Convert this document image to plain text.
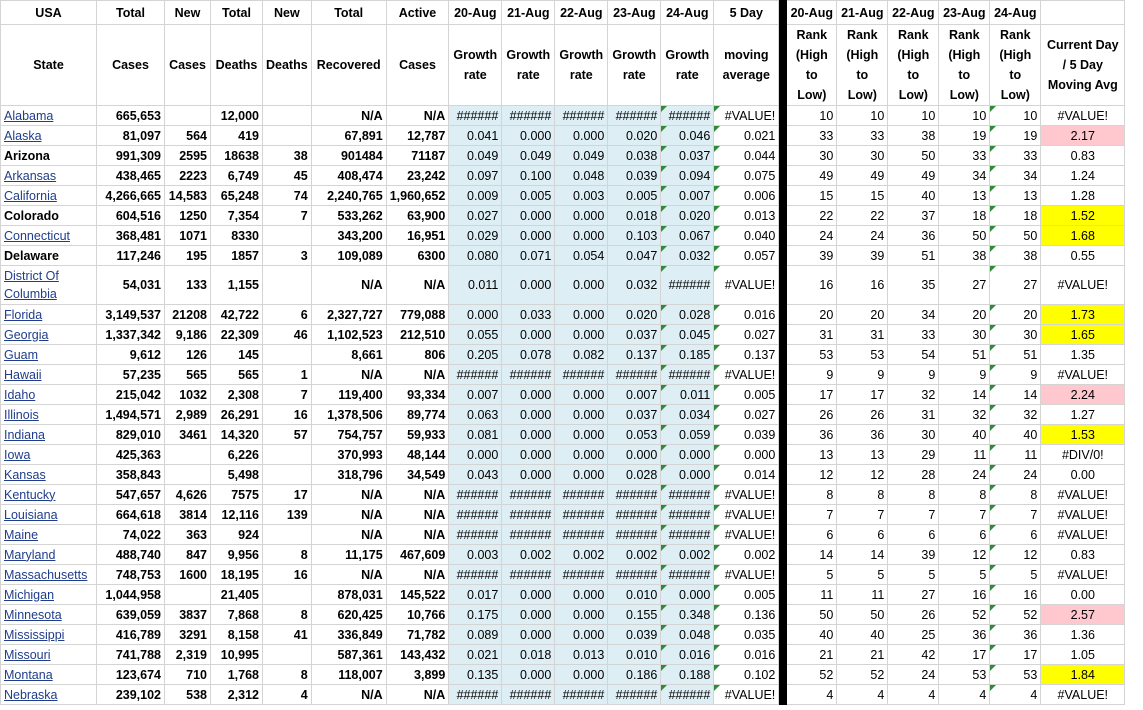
USA	Total	New	Total	New	Total	Active	20-Aug	21-Aug	22-Aug	23-Aug	24-Aug	5 Day		20-Aug	21-Aug	22-Aug	23-Aug	24-Aug	
State	Cases	Cases	Deaths	Deaths	Recovered	Cases	Growth rate	Growth rate	Growth rate	Growth rate	Growth rate	moving average		Rank (High to Low)	Rank (High to Low)	Rank (High to Low)	Rank (High to Low)	Rank (High to Low)	Current Day / 5 Day Moving Avg
Alabama	665,653		12,000		N/A	N/A	######	######	######	######	######	#VALUE!		10	10	10	10	10	#VALUE!
Alaska	81,097	564	419		67,891	12,787	0.041	0.000	0.000	0.020	0.046	0.021		33	33	38	19	19	2.17
Arizona	991,309	2595	18638	38	901484	71187	0.049	0.049	0.049	0.038	0.037	0.044		30	30	50	33	33	0.83
Arkansas	438,465	2223	6,749	45	408,474	23,242	0.097	0.100	0.048	0.039	0.094	0.075		49	49	49	34	34	1.24
California	4,266,665	14,583	65,248	74	2,240,765	1,960,652	0.009	0.005	0.003	0.005	0.007	0.006		15	15	40	13	13	1.28
Colorado	604,516	1250	7,354	7	533,262	63,900	0.027	0.000	0.000	0.018	0.020	0.013		22	22	37	18	18	1.52
Connecticut	368,481	1071	8330		343,200	16,951	0.029	0.000	0.000	0.103	0.067	0.040		24	24	36	50	50	1.68
Delaware	117,246	195	1857	3	109,089	6300	0.080	0.071	0.054	0.047	0.032	0.057		39	39	51	38	38	0.55
District Of Columbia	54,031	133	1,155		N/A	N/A	0.011	0.000	0.000	0.032	######	#VALUE!		16	16	35	27	27	#VALUE!
Florida	3,149,537	21208	42,722	6	2,327,727	779,088	0.000	0.033	0.000	0.020	0.028	0.016		20	20	34	20	20	1.73
Georgia	1,337,342	9,186	22,309	46	1,102,523	212,510	0.055	0.000	0.000	0.037	0.045	0.027		31	31	33	30	30	1.65
Guam	9,612	126	145		8,661	806	0.205	0.078	0.082	0.137	0.185	0.137		53	53	54	51	51	1.35
Hawaii	57,235	565	565	1	N/A	N/A	######	######	######	######	######	#VALUE!		9	9	9	9	9	#VALUE!
Idaho	215,042	1032	2,308	7	119,400	93,334	0.007	0.000	0.000	0.007	0.011	0.005		17	17	32	14	14	2.24
Illinois	1,494,571	2,989	26,291	16	1,378,506	89,774	0.063	0.000	0.000	0.037	0.034	0.027		26	26	31	32	32	1.27
Indiana	829,010	3461	14,320	57	754,757	59,933	0.081	0.000	0.000	0.053	0.059	0.039		36	36	30	40	40	1.53
Iowa	425,363		6,226		370,993	48,144	0.000	0.000	0.000	0.000	0.000	0.000		13	13	29	11	11	#DIV/0!
Kansas	358,843		5,498		318,796	34,549	0.043	0.000	0.000	0.028	0.000	0.014		12	12	28	24	24	0.00
Kentucky	547,657	4,626	7575	17	N/A	N/A	######	######	######	######	######	#VALUE!		8	8	8	8	8	#VALUE!
Louisiana	664,618	3814	12,116	139	N/A	N/A	######	######	######	######	######	#VALUE!		7	7	7	7	7	#VALUE!
Maine	74,022	363	924		N/A	N/A	######	######	######	######	######	#VALUE!		6	6	6	6	6	#VALUE!
Maryland	488,740	847	9,956	8	11,175	467,609	0.003	0.002	0.002	0.002	0.002	0.002		14	14	39	12	12	0.83
Massachusetts	748,753	1600	18,195	16	N/A	N/A	######	######	######	######	######	#VALUE!		5	5	5	5	5	#VALUE!
Michigan	1,044,958		21,405		878,031	145,522	0.017	0.000	0.000	0.010	0.000	0.005		11	11	27	16	16	0.00
Minnesota	639,059	3837	7,868	8	620,425	10,766	0.175	0.000	0.000	0.155	0.348	0.136		50	50	26	52	52	2.57
Mississippi	416,789	3291	8,158	41	336,849	71,782	0.089	0.000	0.000	0.039	0.048	0.035		40	40	25	36	36	1.36
Missouri	741,788	2,319	10,995		587,361	143,432	0.021	0.018	0.013	0.010	0.016	0.016		21	21	42	17	17	1.05
Montana	123,674	710	1,768	8	118,007	3,899	0.135	0.000	0.000	0.186	0.188	0.102		52	52	24	53	53	1.84
Nebraska	239,102	538	2,312	4	N/A	N/A	######	######	######	######	######	#VALUE!		4	4	4	4	4	#VALUE!
